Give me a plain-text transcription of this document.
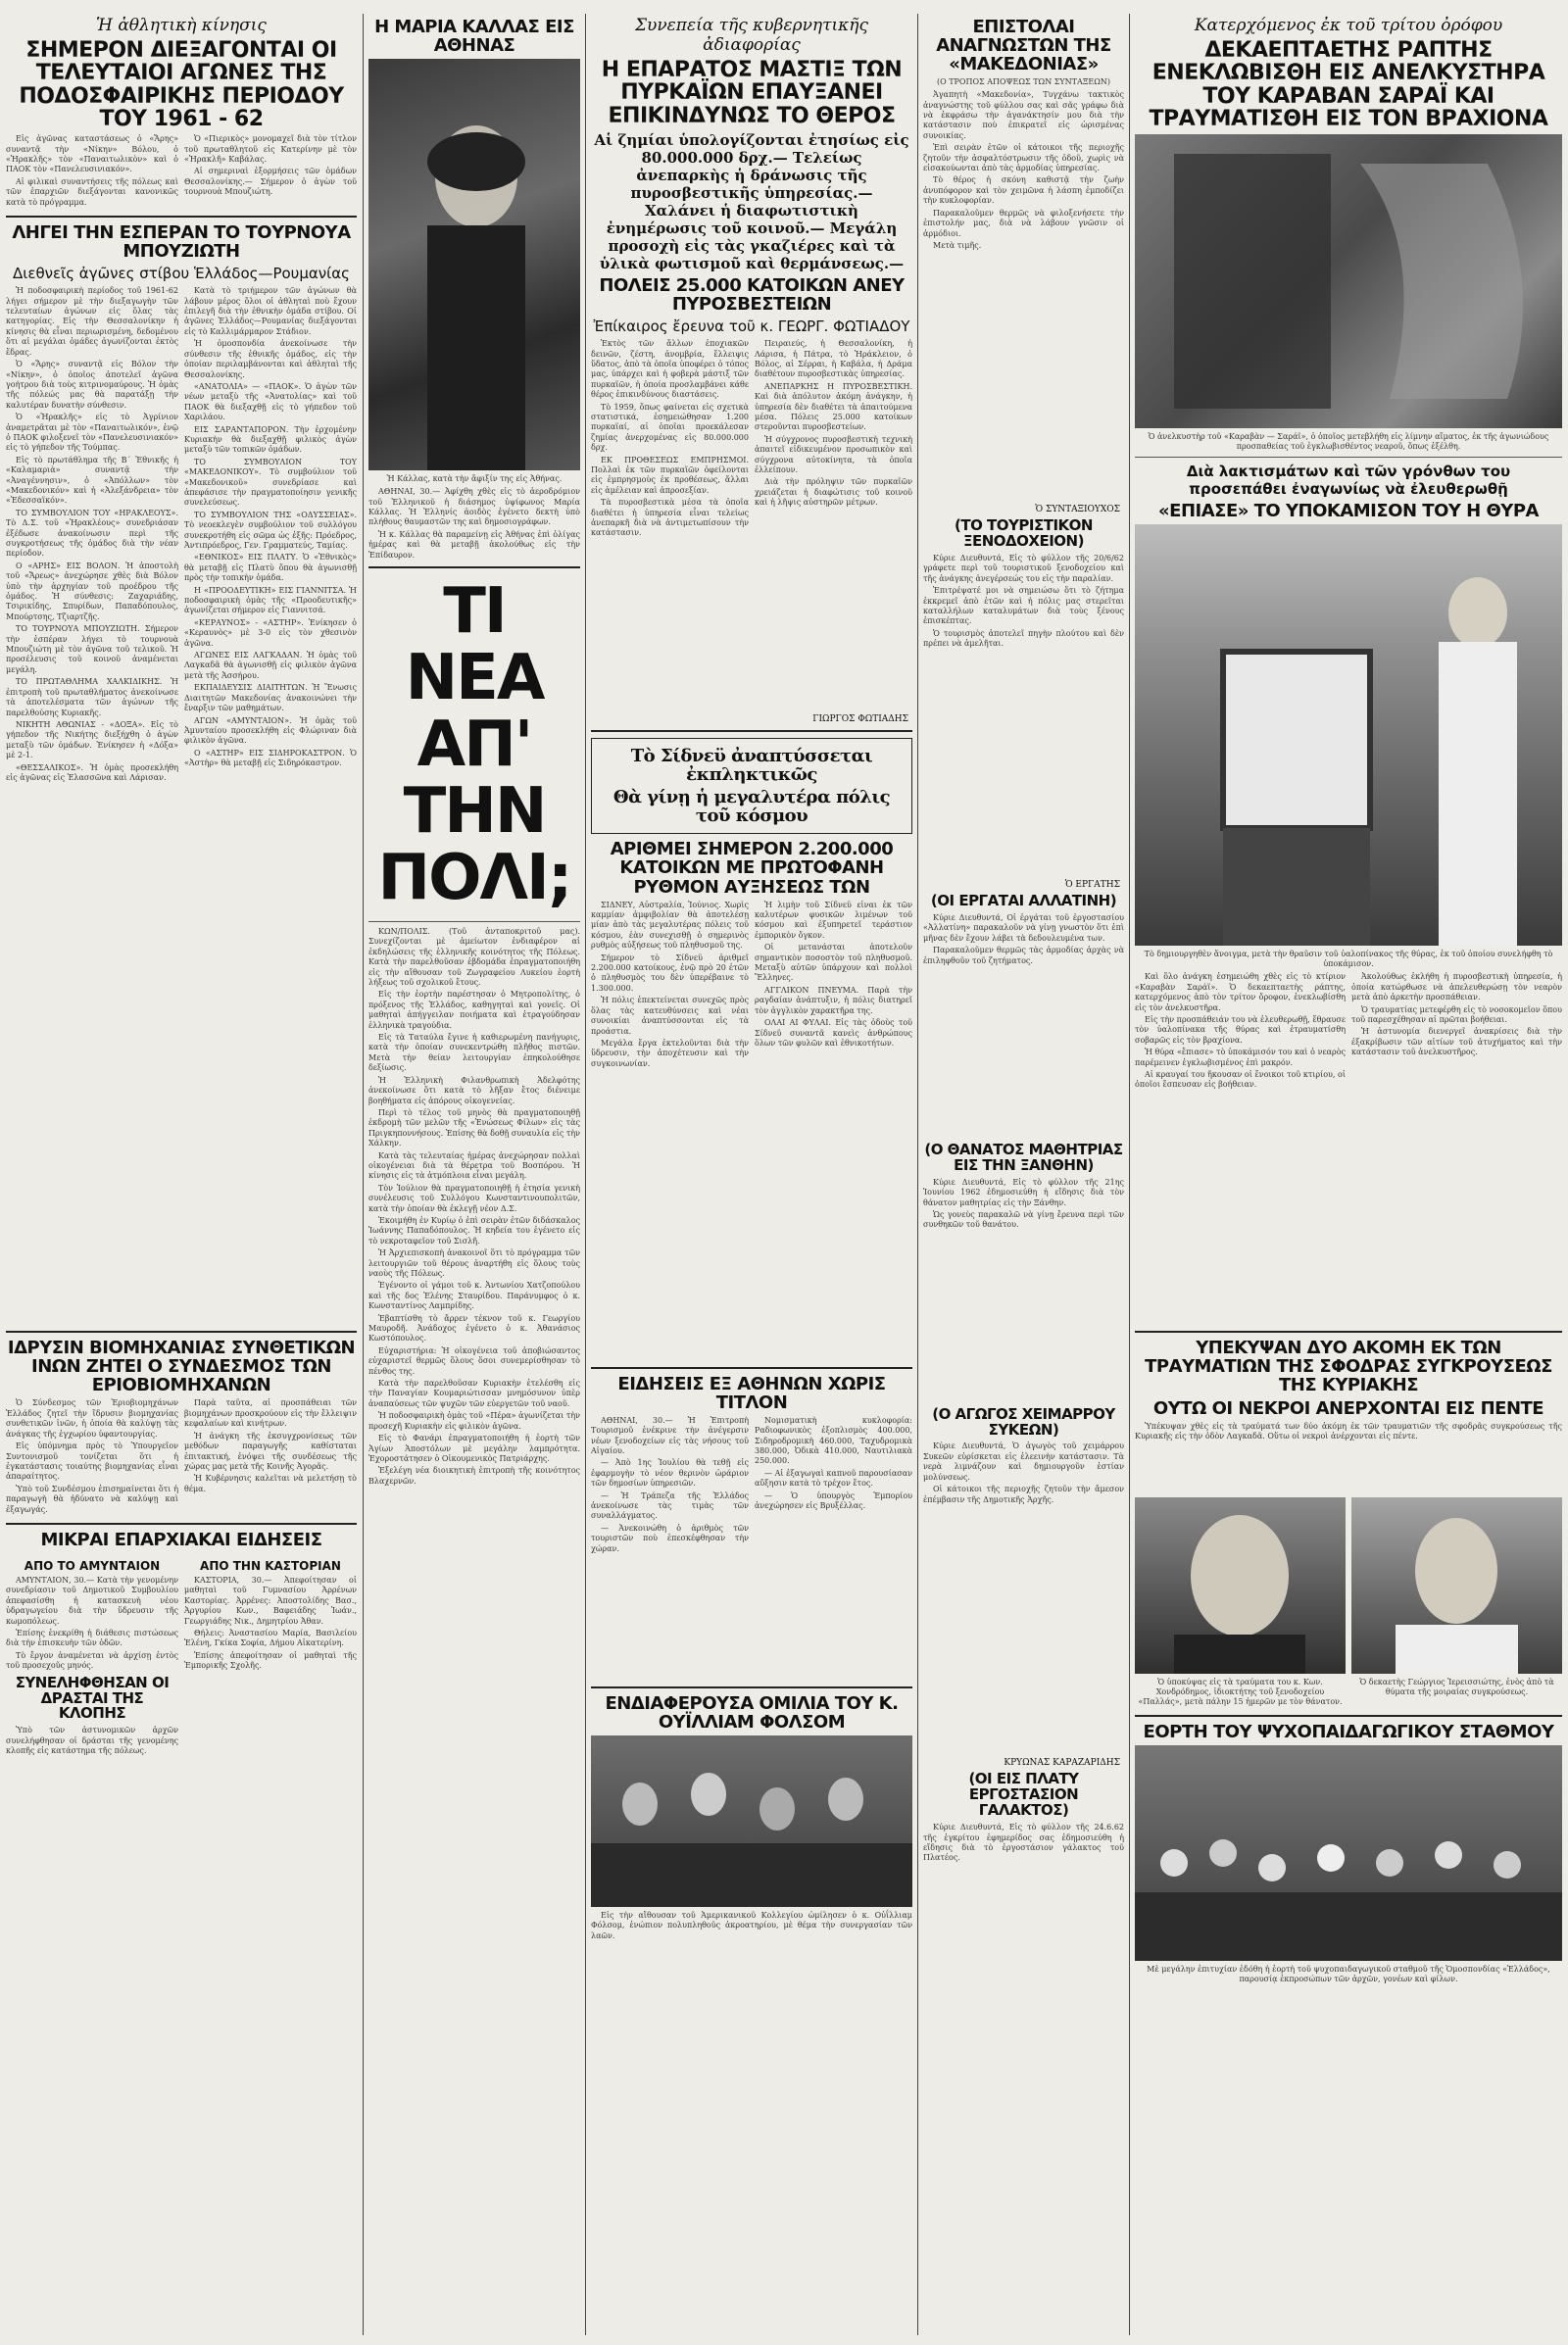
Ἡ ἀθλητικὴ κίνησις
ΣΗΜΕΡΟΝ ΔΙΕΞΑΓΟΝΤΑΙ ΟΙ ΤΕΛΕΥΤΑΙΟΙ ΑΓΩΝΕΣ ΤΗΣ ΠΟΔΟΣΦΑΙΡΙΚΗΣ ΠΕΡΙΟΔΟΥ ΤΟΥ 1961 - 62

Εἰς ἀγῶνας καταστάσεως ὁ «Ἄρης» συναντᾷ τὴν «Νίκην» Βόλου, ὁ «Ἡρακλῆς» τὸν «Παναιτωλικὸν» καὶ ὁ ΠΑΟΚ τὸν «Πανελευσινιακόν».

Αἱ φιλικαὶ συναντήσεις τῆς πόλεως καὶ τῶν ἐπαρχιῶν διεξάγονται κανονικῶς κατὰ τὸ πρόγραμμα.

Ὁ «Πιερικὸς» μονομαχεῖ διὰ τὸν τίτλον τοῦ πρωταθλητοῦ εἰς Κατερίνην μὲ τὸν «Ἡρακλῆ» Καβάλας.

Αἱ σημεριναὶ ἐξορμήσεις τῶν ὁμάδων Θεσσαλονίκης.— Σήμερον ὁ ἀγὼν τοῦ τουρνουὰ Μπουζιώτη.

ΛΗΓΕΙ ΤΗΝ ΕΣΠΕΡΑΝ ΤΟ ΤΟΥΡΝΟΥΑ ΜΠΟΥΖΙΩΤΗ
Διεθνεῖς ἀγῶνες στίβου Ἑλλάδος—Ρουμανίας

Ἡ ποδοσφαιρικὴ περίοδος τοῦ 1961-62 λήγει σήμερον μὲ τὴν διεξαγωγὴν τῶν τελευταίων ἀγώνων εἰς ὅλας τὰς κατηγορίας. Εἰς τὴν Θεσσαλονίκην ἡ κίνησις θὰ εἶναι περιωρισμένη, δεδομένου ὅτι αἱ μεγάλαι ὁμάδες ἀγωνίζονται ἐκτὸς ἕδρας.

Ὁ «Ἄρης» συναντᾷ εἰς Βόλον τὴν «Νίκην», ὁ ὁποῖος ἀποτελεῖ ἀγῶνα γοήτρου διὰ τοὺς κιτρινομαύρους. Ἡ ὁμὰς τῆς πόλεώς μας θὰ παρατάξῃ τὴν καλυτέραν δυνατὴν σύνθεσιν.

Ὁ «Ἡρακλῆς» εἰς τὸ Ἀγρίνιον ἀναμετρᾶται μὲ τὸν «Παναιτωλικόν», ἐνῷ ὁ ΠΑΟΚ φιλοξενεῖ τὸν «Πανελευσινιακόν» εἰς τὸ γήπεδον τῆς Τούμπας.

Εἰς τὸ πρωτάθλημα τῆς Β΄ Ἐθνικῆς ἡ «Καλαμαριὰ» συναντᾷ τὴν «Ἀναγέννησιν», ὁ «Ἀπόλλων» τὸν «Μακεδονικόν» καὶ ἡ «Ἀλεξάνδρεια» τὸν «Ἐδεσσαϊκόν».

ΤΟ ΣΥΜΒΟΥΛΙΟΝ ΤΟΥ «ΗΡΑΚΛΕΟΥΣ». Τὸ Δ.Σ. τοῦ «Ἡρακλέους» συνεδριάσαν ἐξέδωσε ἀνακοίνωσιν περὶ τῆς συγκροτήσεως τῆς ὁμάδος διὰ τὴν νέαν περίοδον.

Ο «ΑΡΗΣ» ΕΙΣ ΒΟΛΟΝ. Ἡ ἀποστολὴ τοῦ «Ἄρεως» ἀνεχώρησε χθὲς διὰ Βόλον ὑπὸ τὴν ἀρχηγίαν τοῦ προέδρου τῆς ὁμάδος. Ἡ σύνθεσις: Ζαχαριάδης, Τσιρικίδης, Σπυρίδων, Παπαδόπουλος, Μπούρτσης, Τζιαρτζῆς.

ΤΟ ΤΟΥΡΝΟΥΑ ΜΠΟΥΖΙΩΤΗ. Σήμερον τὴν ἑσπέραν λήγει τὸ τουρνουὰ Μπουζιώτη μὲ τὸν ἀγῶνα τοῦ τελικοῦ. Ἡ προσέλευσις τοῦ κοινοῦ ἀναμένεται μεγάλη.

ΤΟ ΠΡΩΤΑΘΛΗΜΑ ΧΑΛΚΙΔΙΚΗΣ. Ἡ ἐπιτροπὴ τοῦ πρωταθλήματος ἀνεκοίνωσε τὰ ἀποτελέσματα τῶν ἀγώνων τῆς παρελθούσης Κυριακῆς.

ΝΙΚΗΤΗ ΑΘΩΝΙΑΣ - «ΔΟΞΑ». Εἰς τὸ γήπεδον τῆς Νικήτης διεξήχθη ὁ ἀγὼν μεταξὺ τῶν ὁμάδων. Ἐνίκησεν ἡ «Δόξα» μὲ 2-1.

«ΘΕΣΣΑΛΙΚΟΣ». Ἡ ὁμὰς προσεκλήθη εἰς ἀγῶνας εἰς Ἐλασσῶνα καὶ Λάρισαν.

Κατὰ τὸ τριήμερον τῶν ἀγώνων θὰ λάβουν μέρος ὅλοι οἱ ἀθληταὶ ποὺ ἔχουν ἐπιλεγῆ διὰ τὴν ἐθνικὴν ὁμάδα στίβου. Οἱ ἀγῶνες Ἑλλάδος—Ρουμανίας διεξάγονται εἰς τὸ Καλλιμάρμαρον Στάδιον.

Ἡ ὁμοσπονδία ἀνεκοίνωσε τὴν σύνθεσιν τῆς ἐθνικῆς ὁμάδος, εἰς τὴν ὁποίαν περιλαμβάνονται καὶ ἀθληταὶ τῆς Θεσσαλονίκης.

«ΑΝΑΤΟΛΙΑ» — «ΠΑΟΚ». Ὁ ἀγὼν τῶν νέων μεταξὺ τῆς «Ἀνατολίας» καὶ τοῦ ΠΑΟΚ θὰ διεξαχθῇ εἰς τὸ γήπεδον τοῦ Χαριλάου.

ΕΙΣ ΣΑΡΑΝΤΑΠΟΡΟΝ. Τὴν ἐρχομένην Κυριακὴν θὰ διεξαχθῇ φιλικὸς ἀγὼν μεταξὺ τῶν τοπικῶν ὁμάδων.

ΤΟ ΣΥΜΒΟΥΛΙΟΝ ΤΟΥ «ΜΑΚΕΔΟΝΙΚΟΥ». Τὸ συμβούλιον τοῦ «Μακεδονικοῦ» συνεδρίασε καὶ ἀπεφάσισε τὴν πραγματοποίησιν γενικῆς συνελεύσεως.

ΤΟ ΣΥΜΒΟΥΛΙΟΝ ΤΗΣ «ΟΔΥΣΣΕΙΑΣ». Τὸ νεοεκλεγὲν συμβούλιον τοῦ συλλόγου συνεκροτήθη εἰς σῶμα ὡς ἑξῆς: Πρόεδρος, Ἀντιπρόεδρος, Γεν. Γραμματεύς, Ταμίας.

«ΕΘΝΙΚΟΣ» ΕΙΣ ΠΛΑΤΥ. Ὁ «Ἐθνικὸς» θὰ μεταβῇ εἰς Πλατὺ ὅπου θὰ ἀγωνισθῇ πρὸς τὴν τοπικὴν ὁμάδα.

Η «ΠΡΟΟΔΕΥΤΙΚΗ» ΕΙΣ ΓΙΑΝΝΙΤΣΑ. Ἡ ποδοσφαιρικὴ ὁμὰς τῆς «Προοδευτικῆς» ἀγωνίζεται σήμερον εἰς Γιαννιτσά.

«ΚΕΡΑΥΝΟΣ» - «ΑΣΤΗΡ». Ἐνίκησεν ὁ «Κεραυνὸς» μὲ 3-0 εἰς τὸν χθεσινὸν ἀγῶνα.

ΑΓΩΝΕΣ ΕΙΣ ΛΑΓΚΑΔΑΝ. Ἡ ὁμὰς τοῦ Λαγκαδᾶ θὰ ἀγωνισθῇ εἰς φιλικὸν ἀγῶνα μετὰ τῆς Ἀσσήρου.

ΕΚΠΑΙΔΕΥΣΙΣ ΔΙΑΙΤΗΤΩΝ. Ἡ Ἕνωσις Διαιτητῶν Μακεδονίας ἀνακοινώνει τὴν ἔναρξιν τῶν μαθημάτων.

ΑΓΩΝ «ΑΜΥΝΤΑΙΟΝ». Ἡ ὁμὰς τοῦ Ἀμυνταίου προσεκλήθη εἰς Φλώριναν διὰ φιλικὸν ἀγῶνα.

Ο «ΑΣΤΗΡ» ΕΙΣ ΣΙΔΗΡΟΚΑΣΤΡΟΝ. Ὁ «Ἀστὴρ» θὰ μεταβῇ εἰς Σιδηρόκαστρον.

ΙΔΡΥΣΙΝ ΒΙΟΜΗΧΑΝΙΑΣ ΣΥΝΘΕΤΙΚΩΝ ΙΝΩΝ ΖΗΤΕΙ Ο ΣΥΝΔΕΣΜΟΣ ΤΩΝ ΕΡΙΟΒΙΟΜΗΧΑΝΩΝ

Ὁ Σύνδεσμος τῶν Ἐριοβιομηχάνων Ἑλλάδος ζητεῖ τὴν ἵδρυσιν βιομηχανίας συνθετικῶν ἰνῶν, ἡ ὁποία θὰ καλύψῃ τὰς ἀνάγκας τῆς ἐγχωρίου ὑφαντουργίας.

Εἰς ὑπόμνημα πρὸς τὸ Ὑπουργεῖον Συντονισμοῦ τονίζεται ὅτι ἡ ἐγκατάστασις τοιαύτης βιομηχανίας εἶναι ἀπαραίτητος.

Ὑπὸ τοῦ Συνδέσμου ἐπισημαίνεται ὅτι ἡ παραγωγὴ θὰ ἠδύνατο νὰ καλύψῃ καὶ ἐξαγωγάς.

Παρὰ ταῦτα, αἱ προσπάθειαι τῶν βιομηχάνων προσκρούουν εἰς τὴν ἔλλειψιν κεφαλαίων καὶ κινήτρων.

Ἡ ἀνάγκη τῆς ἐκσυγχρονίσεως τῶν μεθόδων παραγωγῆς καθίσταται ἐπιτακτική, ἐνόψει τῆς συνδέσεως τῆς χώρας μας μετὰ τῆς Κοινῆς Ἀγορᾶς.

Ἡ Κυβέρνησις καλεῖται νὰ μελετήσῃ τὸ θέμα.

ΜΙΚΡΑΙ ΕΠΑΡΧΙΑΚΑΙ ΕΙΔΗΣΕΙΣ
ΑΠΟ ΤΟ ΑΜΥΝΤΑΙΟΝ

ΑΜΥΝΤΑΙΟΝ, 30.— Κατὰ τὴν γενομένην συνεδρίασιν τοῦ Δημοτικοῦ Συμβουλίου ἀπεφασίσθη ἡ κατασκευὴ νέου ὑδραγωγείου διὰ τὴν ὕδρευσιν τῆς κωμοπόλεως.

Ἐπίσης ἐνεκρίθη ἡ διάθεσις πιστώσεως διὰ τὴν ἐπισκευὴν τῶν ὁδῶν.

Τὸ ἔργον ἀναμένεται νὰ ἀρχίσῃ ἐντὸς τοῦ προσεχοῦς μηνός.

ΣΥΝΕΛΗΦΘΗΣΑΝ ΟΙ ΔΡΑΣΤΑΙ ΤΗΣ ΚΛΟΠΗΣ

Ὑπὸ τῶν ἀστυνομικῶν ἀρχῶν συνελήφθησαν οἱ δράσται τῆς γενομένης κλοπῆς εἰς κατάστημα τῆς πόλεως.

ΑΠΟ ΤΗΝ ΚΑΣΤΟΡΙΑΝ

ΚΑΣΤΟΡΙΑ, 30.— Ἀπεφοίτησαν οἱ μαθηταὶ τοῦ Γυμνασίου Ἀρρένων Καστορίας. Ἀρρένες: Ἀποστολίδης Βασ., Ἀργυρίου Κων., Βαφειάδης Ἰωάν., Γεωργιάδης Νικ., Δημητρίου Ἀθαν.

Θήλεις: Ἀναστασίου Μαρία, Βασιλείου Ἑλένη, Γκίκα Σοφία, Δήμου Αἰκατερίνη.

Ἐπίσης ἀπεφοίτησαν οἱ μαθηταὶ τῆς Ἐμπορικῆς Σχολῆς.

Η ΜΑΡΙΑ ΚΑΛΛΑΣ ΕΙΣ ΑΘΗΝΑΣ
Ἡ Κάλλας, κατὰ τὴν ἄφιξίν της εἰς Ἀθήνας.

ΑΘΗΝΑΙ, 30.— Ἀφίχθη χθὲς εἰς τὸ ἀεροδρόμιον τοῦ Ἑλληνικοῦ ἡ διάσημος ὑψίφωνος Μαρία Κάλλας. Ἡ Ἑλληνίς ἀοιδὸς ἐγένετο δεκτὴ ὑπὸ πλήθους θαυμαστῶν της καὶ δημοσιογράφων.

Ἡ κ. Κάλλας θὰ παραμείνῃ εἰς Ἀθήνας ἐπὶ ὀλίγας ἡμέρας καὶ θὰ μεταβῇ ἀκολούθως εἰς τὴν Ἐπίδαυρον.

ΤΙ ΝΕΑ ΑΠ' ΤΗΝ ΠΟΛΙ;

ΚΩΝ/ΠΟΛΙΣ. (Τοῦ ἀνταποκριτοῦ μας). Συνεχίζονται μὲ ἀμείωτον ἐνδιαφέρον αἱ ἐκδηλώσεις τῆς ἑλληνικῆς κοινότητος τῆς Πόλεως. Κατὰ τὴν παρελθοῦσαν ἑβδομάδα ἐπραγματοποιήθη εἰς τὴν αἴθουσαν τοῦ Ζωγραφείου Λυκείου ἑορτὴ λήξεως τοῦ σχολικοῦ ἔτους.

Εἰς τὴν ἑορτὴν παρέστησαν ὁ Μητροπολίτης, ὁ πρόξενος τῆς Ἑλλάδος, καθηγηταὶ καὶ γονεῖς. Οἱ μαθηταὶ ἀπήγγειλαν ποιήματα καὶ ἐτραγούδησαν ἑλληνικὰ τραγούδια.

Εἰς τὰ Ταταύλα ἔγινε ἡ καθιερωμένη πανήγυρις, κατὰ τὴν ὁποίαν συνεκεντρώθη πλῆθος πιστῶν. Μετὰ τὴν θείαν λειτουργίαν ἐπηκολούθησε δεξίωσις.

Ἡ Ἑλληνικὴ Φιλανθρωπικὴ Ἀδελφότης ἀνεκοίνωσε ὅτι κατὰ τὸ λῆξαν ἔτος διένειμε βοηθήματα εἰς ἀπόρους οἰκογενείας.

Περὶ τὸ τέλος τοῦ μηνὸς θὰ πραγματοποιηθῇ ἐκδρομὴ τῶν μελῶν τῆς «Ἑνώσεως Φίλων» εἰς τὰς Πριγκηποννήσους. Ἐπίσης θὰ δοθῇ συναυλία εἰς τὴν Χάλκην.

Κατὰ τὰς τελευταίας ἡμέρας ἀνεχώρησαν πολλαὶ οἰκογένειαι διὰ τὰ θέρετρα τοῦ Βοσπόρου. Ἡ κίνησις εἰς τὰ ἀτμόπλοια εἶναι μεγάλη.

Τὸν Ἰούλιον θὰ πραγματοποιηθῇ ἡ ἐτησία γενικὴ συνέλευσις τοῦ Συλλόγου Κωνσταντινουπολιτῶν, κατὰ τὴν ὁποίαν θὰ ἐκλεγῇ νέον Δ.Σ.

Ἐκοιμήθη ἐν Κυρίῳ ὁ ἐπὶ σειρὰν ἐτῶν διδάσκαλος Ἰωάννης Παπαδόπουλος. Ἡ κηδεία του ἐγένετο εἰς τὸ νεκροταφεῖον τοῦ Σισλῆ.

Ἡ Ἀρχιεπισκοπὴ ἀνακοινοῖ ὅτι τὸ πρόγραμμα τῶν λειτουργιῶν τοῦ θέρους ἀναρτήθη εἰς ὅλους τοὺς ναοὺς τῆς Πόλεως.

Ἐγένοντο οἱ γάμοι τοῦ κ. Ἀντωνίου Χατζοπούλου καὶ τῆς δος Ἑλένης Σταυρίδου. Παράνυμφος ὁ κ. Κωνσταντίνος Λαμπρίδης.

Ἐβαπτίσθη τὸ ἄρρεν τέκνον τοῦ κ. Γεωργίου Μαυροδῆ. Ἀνάδοχος ἐγένετο ὁ κ. Ἀθανάσιος Κωστόπουλος.

Εὐχαριστήρια: Ἡ οἰκογένεια τοῦ ἀποβιώσαντος εὐχαριστεῖ θερμῶς ὅλους ὅσοι συνεμερίσθησαν τὸ πένθος της.

Κατὰ τὴν παρελθοῦσαν Κυριακὴν ἐτελέσθη εἰς τὴν Παναγίαν Κουμαριώτισσαν μνημόσυνον ὑπὲρ ἀναπαύσεως τῶν ψυχῶν τῶν εὐεργετῶν τοῦ ναοῦ.

Ἡ ποδοσφαιρικὴ ὁμὰς τοῦ «Πέρα» ἀγωνίζεται τὴν προσεχῆ Κυριακὴν εἰς φιλικὸν ἀγῶνα.

Εἰς τὸ Φανάρι ἐπραγματοποιήθη ἡ ἑορτὴ τῶν Ἁγίων Ἀποστόλων μὲ μεγάλην λαμπρότητα. Ἐχοροστάτησεν ὁ Οἰκουμενικὸς Πατριάρχης.

Ἐξελέγη νέα διοικητικὴ ἐπιτροπὴ τῆς κοινότητος Βλαχερνῶν.

Συνεπεία τῆς κυβερνητικῆς ἀδιαφορίας
Η ΕΠΑΡΑΤΟΣ ΜΑΣΤΙΞ ΤΩΝ ΠΥΡΚΑΪΩΝ ΕΠΑΥΞΑΝΕΙ ΕΠΙΚΙΝΔΥΝΩΣ ΤΟ ΘΕΡΟΣ
Αἱ ζημίαι ὑπολογίζονται ἐτησίως εἰς 80.000.000 δρχ.— Τελείως ἀνεπαρκὴς ἡ δράνωσις τῆς πυροσβεστικῆς ὑπηρεσίας.— Χαλάνει ἡ διαφωτιστικὴ ἐνημέρωσις τοῦ κοινοῦ.— Μεγάλη προσοχὴ εἰς τὰς γκαζιέρες καὶ τὰ ὑλικὰ φωτισμοῦ καὶ θερμάνσεως.—
ΠΟΛΕΙΣ 25.000 ΚΑΤΟΙΚΩΝ ΑΝΕΥ ΠΥΡΟΣΒΕΣΤΕΙΩΝ
Ἐπίκαιρος ἔρευνα τοῦ κ. ΓΕΩΡΓ. ΦΩΤΙΑΔΟΥ

Ἐκτὸς τῶν ἄλλων ἐποχιακῶν δεινῶν, ζέστη, ἀνομβρία, ἔλλειψις ὕδατος, ἀπὸ τὰ ὁποῖα ὑποφέρει ὁ τόπος μας, ὑπάρχει καὶ ἡ φοβερὰ μάστιξ τῶν πυρκαϊῶν, ἡ ὁποία προσλαμβάνει κάθε θέρος ἐπικινδύνους διαστάσεις.

Τὸ 1959, ὅπως φαίνεται εἰς σχετικὰ στατιστικά, ἐσημειώθησαν 1.200 πυρκαϊαί, αἱ ὁποῖαι προεκάλεσαν ζημίας ἀνερχομένας εἰς 80.000.000 δρχ.

ΕΚ ΠΡΟΘΕΣΕΩΣ ΕΜΠΡΗΣΜΟΙ. Πολλαὶ ἐκ τῶν πυρκαϊῶν ὀφείλονται εἰς ἐμπρησμοὺς ἐκ προθέσεως, ἄλλαι εἰς ἀμέλειαν καὶ ἀπροσεξίαν.

Τὰ πυροσβεστικὰ μέσα τὰ ὁποῖα διαθέτει ἡ ὑπηρεσία εἶναι τελείως ἀνεπαρκῆ διὰ νὰ ἀντιμετωπίσουν τὴν κατάστασιν.

Πειραιεύς, ἡ Θεσσαλονίκη, ἡ Λάρισα, ἡ Πάτρα, τὸ Ἡράκλειον, ὁ Βόλος, αἱ Σέρραι, ἡ Καβάλα, ἡ Δράμα διαθέτουν πυροσβεστικὰς ὑπηρεσίας.

ΑΝΕΠΑΡΚΗΣ Η ΠΥΡΟΣΒΕΣΤΙΚΗ. Καὶ διὰ ἀπόλυτον ἀκόμη ἀνάγκην, ἡ ὑπηρεσία δὲν διαθέτει τὰ ἀπαιτούμενα μέσα. Πόλεις 25.000 κατοίκων στεροῦνται πυροσβεστείων.

Ἡ σύγχρονος πυροσβεστικὴ τεχνικὴ ἀπαιτεῖ εἰδικευμένον προσωπικὸν καὶ σύγχρονα αὐτοκίνητα, τὰ ὁποῖα ἐλλείπουν.

Διὰ τὴν πρόληψιν τῶν πυρκαϊῶν χρειάζεται ἡ διαφώτισις τοῦ κοινοῦ καὶ ἡ λῆψις αὐστηρῶν μέτρων.

ΓΙΩΡΓΟΣ ΦΩΤΙΑΔΗΣ
Τὸ Σίδνεϋ ἀναπτύσσεται ἐκπληκτικῶς
Θὰ γίνῃ ἡ μεγαλυτέρα πόλις τοῦ κόσμου
ΑΡΙΘΜΕΙ ΣΗΜΕΡΟΝ 2.200.000 ΚΑΤΟΙΚΩΝ ΜΕ ΠΡΩΤΟΦΑΝΗ ΡΥΘΜΟΝ ΑΥΞΗΣΕΩΣ ΤΩΝ

ΣΙΔΝΕΥ, Αὐστραλία, Ἰούνιος. Χωρὶς καμμίαν ἀμφιβολίαν θὰ ἀποτελέσῃ μίαν ἀπὸ τὰς μεγαλυτέρας πόλεις τοῦ κόσμου, ἐὰν συνεχισθῇ ὁ σημερινὸς ρυθμὸς αὐξήσεως τοῦ πληθυσμοῦ της.

Σήμερον τὸ Σίδνεϋ ἀριθμεῖ 2.200.000 κατοίκους, ἐνῷ πρὸ 20 ἐτῶν ὁ πληθυσμὸς του δὲν ὑπερέβαινε τὸ 1.300.000.

Ἡ πόλις ἐπεκτείνεται συνεχῶς πρὸς ὅλας τὰς κατευθύνσεις καὶ νέαι συνοικίαι ἀναπτύσσονται εἰς τὰ προάστια.

Μεγάλα ἔργα ἐκτελοῦνται διὰ τὴν ὕδρευσιν, τὴν ἀποχέτευσιν καὶ τὴν συγκοινωνίαν.

Ἡ λιμὴν τοῦ Σίδνεϋ εἶναι ἐκ τῶν καλυτέρων φυσικῶν λιμένων τοῦ κόσμου καὶ ἐξυπηρετεῖ τεράστιον ἐμπορικὸν ὄγκον.

Οἱ μετανάσται ἀποτελοῦν σημαντικὸν ποσοστὸν τοῦ πληθυσμοῦ. Μεταξὺ αὐτῶν ὑπάρχουν καὶ πολλοὶ Ἕλληνες.

ΑΓΓΛΙΚΟΝ ΠΝΕΥΜΑ. Παρὰ τὴν ραγδαίαν ἀνάπτυξιν, ἡ πόλις διατηρεῖ τὸν ἀγγλικὸν χαρακτῆρα της.

ΟΛΑΙ ΑΙ ΦΥΛΑΙ. Εἰς τὰς ὁδοὺς τοῦ Σίδνεϋ συναντᾶ κανεὶς ἀνθρώπους ὅλων τῶν φυλῶν καὶ ἐθνικοτήτων.

ΕΙΔΗΣΕΙΣ ΕΞ ΑΘΗΝΩΝ ΧΩΡΙΣ ΤΙΤΛΟΝ

ΑΘΗΝΑΙ, 30.— Ἡ Ἐπιτροπὴ Τουρισμοῦ ἐνέκρινε τὴν ἀνέγερσιν νέων ξενοδοχείων εἰς τὰς νήσους τοῦ Αἰγαίου.

— Ἀπὸ 1ης Ἰουλίου θὰ τεθῇ εἰς ἐφαρμογὴν τὸ νέον θερινὸν ὡράριον τῶν δημοσίων ὑπηρεσιῶν.

— Ἡ Τράπεζα τῆς Ἑλλάδος ἀνεκοίνωσε τὰς τιμὰς τῶν συναλλάγματος.

— Ἀνεκοινώθη ὁ ἀριθμὸς τῶν τουριστῶν ποὺ ἐπεσκέφθησαν τὴν χώραν.

Νομισματικὴ κυκλοφορία: Ραδιοφωνικὸς ἐξοπλισμὸς 400.000, Σιδηροδρομικὴ 460.000, Ταχυδρομικὰ 380.000, Ὀδικὰ 410.000, Ναυτιλιακὰ 250.000.

— Αἱ ἐξαγωγαὶ καπνοῦ παρουσίασαν αὔξησιν κατὰ τὸ τρέχον ἔτος.

— Ὁ ὑπουργὸς Ἐμπορίου ἀνεχώρησεν εἰς Βρυξέλλας.

ΕΝΔΙΑΦΕΡΟΥΣΑ ΟΜΙΛΙΑ ΤΟΥ Κ. ΟΥΪΛΛΙΑΜ ΦΟΛΣΟΜ

Εἰς τὴν αἴθουσαν τοῦ Ἀμερικανικοῦ Κολλεγίου ὡμίλησεν ὁ κ. Οὐΐλλιαμ Φόλσομ, ἐνώπιον πολυπληθοῦς ἀκροατηρίου, μὲ θέμα τὴν συνεργασίαν τῶν λαῶν.

ΕΠΙΣΤΟΛΑΙ ΑΝΑΓΝΩΣΤΩΝ ΤΗΣ «ΜΑΚΕΔΟΝΙΑΣ»
(Ο ΤΡΟΠΟΣ ΑΠΟΨΕΩΣ ΤΩΝ ΣΥΝΤΑΞΕΩΝ)

Ἀγαπητὴ «Μακεδονία», Τυγχάνω τακτικὸς ἀναγνώστης τοῦ φύλλου σας καὶ σᾶς γράφω διὰ νὰ ἐκφράσω τὴν ἀγανάκτησίν μου διὰ τὴν κατάστασιν ποὺ ἐπικρατεῖ εἰς ὡρισμένας συνοικίας.

Ἐπὶ σειρὰν ἐτῶν οἱ κάτοικοι τῆς περιοχῆς ζητοῦν τὴν ἀσφαλτόστρωσιν τῆς ὁδοῦ, χωρὶς νὰ εἰσακούωνται ἀπὸ τὰς ἁρμοδίας ὑπηρεσίας.

Τὸ θέρος ἡ σκόνη καθιστᾷ τὴν ζωὴν ἀνυπόφορον καὶ τὸν χειμῶνα ἡ λάσπη ἐμποδίζει τὴν κυκλοφορίαν.

Παρακαλοῦμεν θερμῶς νὰ φιλοξενήσετε τὴν ἐπιστολήν μας, διὰ νὰ λάβουν γνῶσιν οἱ ἁρμόδιοι.

Μετὰ τιμῆς.

Ὁ ΣΥΝΤΑΞΙΟΥΧΟΣ
(ΤΟ ΤΟΥΡΙΣΤΙΚΟΝ ΞΕΝΟΔΟΧΕΙΟΝ)

Κύριε Διευθυντά, Εἰς τὸ φύλλον τῆς 20/6/62 γράφετε περὶ τοῦ τουριστικοῦ ξενοδοχείου καὶ τῆς ἀνάγκης ἀνεγέρσεώς του εἰς τὴν παραλίαν.

Ἐπιτρέψατέ μοι νὰ σημειώσω ὅτι τὸ ζήτημα ἐκκρεμεῖ ἀπὸ ἐτῶν καὶ ἡ πόλις μας στερεῖται καταλλήλων καταλυμάτων διὰ τοὺς ξένους ἐπισκέπτας.

Ὁ τουρισμὸς ἀποτελεῖ πηγὴν πλούτου καὶ δὲν πρέπει νὰ ἀμελῆται.

Ὁ ΕΡΓΑΤΗΣ
(ΟΙ ΕΡΓΑΤΑΙ ΑΛΛΑΤΙΝΗ)

Κύριε Διευθυντά, Οἱ ἐργάται τοῦ ἐργοστασίου «Ἀλλατίνη» παρακαλοῦν νὰ γίνῃ γνωστὸν ὅτι ἐπὶ μῆνας δὲν ἔχουν λάβει τὰ δεδουλευμένα των.

Παρακαλοῦμεν θερμῶς τὰς ἁρμοδίας ἀρχὰς νὰ ἐπιληφθοῦν τοῦ ζητήματος.

(Ο ΘΑΝΑΤΟΣ ΜΑΘΗΤΡΙΑΣ ΕΙΣ ΤΗΝ ΞΑΝΘΗΝ)

Κύριε Διευθυντά, Εἰς τὸ φύλλον τῆς 21ης Ἰουνίου 1962 ἐδημοσιεύθη ἡ εἴδησις διὰ τὸν θάνατον μαθητρίας εἰς τὴν Ξάνθην.

Ὡς γονεὺς παρακαλῶ νὰ γίνῃ ἔρευνα περὶ τῶν συνθηκῶν τοῦ θανάτου.

(Ο ΑΓΩΓΟΣ ΧΕΙΜΑΡΡΟΥ ΣΥΚΕΩΝ)

Κύριε Διευθυντά, Ὁ ἀγωγὸς τοῦ χειμάρρου Συκεῶν εὑρίσκεται εἰς ἐλεεινὴν κατάστασιν. Τὰ νερὰ λιμνάζουν καὶ δημιουργοῦν ἑστίαν μολύνσεως.

Οἱ κάτοικοι τῆς περιοχῆς ζητοῦν τὴν ἄμεσον ἐπέμβασιν τῆς Δημοτικῆς Ἀρχῆς.

ΚΡΥΩΝΑΣ ΚΑΡΑΖΑΡΙΔΗΣ
(ΟΙ ΕΙΣ ΠΛΑΤΥ ΕΡΓΟΣΤΑΣΙΟΝ ΓΑΛΑΚΤΟΣ)

Κύριε Διευθυντά, Εἰς τὸ φύλλον τῆς 24.6.62 τῆς ἐγκρίτου ἐφημερίδος σας ἐδημοσιεύθη ἡ εἴδησις διὰ τὸ ἐργοστάσιον γάλακτος τοῦ Πλατέος.

Κατερχόμενος ἐκ τοῦ τρίτου ὀρόφου
ΔΕΚΑΕΠΤΑΕΤΗΣ ΡΑΠΤΗΣ ΕΝΕΚΛΩΒΙΣΘΗ ΕΙΣ ΑΝΕΛΚΥΣΤΗΡΑ ΤΟΥ ΚΑΡΑΒΑΝ ΣΑΡΑΪ ΚΑΙ ΤΡΑΥΜΑΤΙΣΘΗ ΕΙΣ ΤΟΝ ΒΡΑΧΙΟΝΑ
Ὁ ἀνελκυστὴρ τοῦ «Καραβὰν — Σαράϊ», ὁ ὁποῖος μετεβλήθη εἰς λίμνην αἵματος, ἐκ τῆς ἀγωνιώδους προσπαθείας τοῦ ἐγκλωβισθέντος νεαροῦ, ὅπως ἐξέλθη.
Διὰ λακτισμάτων καὶ τῶν γρόνθων του προσεπάθει ἐναγωνίως νὰ ἐλευθερωθῇ
«ΕΠΙΑΣΕ» ΤΟ ΥΠΟΚΑΜΙΣΟΝ ΤΟΥ Η ΘΥΡΑ
Τὸ δημιουργηθὲν ἄνοιγμα, μετὰ τὴν θραῦσιν τοῦ ὑαλοπίνακος τῆς θύρας, ἐκ τοῦ ὁποίου συνελήφθη τὸ ὑποκάμισον.

Καὶ ὅλο ἀνάγκη ἐσημειώθη χθὲς εἰς τὸ κτίριον «Καραβὰν Σαράϊ». Ὁ δεκαεπταετὴς ράπτης, κατερχόμενος ἀπὸ τὸν τρίτον ὄροφον, ἐνεκλωβίσθη εἰς τὸν ἀνελκυστῆρα.

Εἰς τὴν προσπάθειάν του νὰ ἐλευθερωθῇ, ἔθραυσε τὸν ὑαλοπίνακα τῆς θύρας καὶ ἐτραυματίσθη σοβαρῶς εἰς τὸν βραχίονα.

Ἡ θύρα «ἔπιασε» τὸ ὑποκάμισόν του καὶ ὁ νεαρὸς παρέμεινεν ἐγκλωβισμένος ἐπὶ μακρόν.

Αἱ κραυγαί του ἤκουσαν οἱ ἔνοικοι τοῦ κτιρίου, οἱ ὁποῖοι ἔσπευσαν εἰς βοήθειαν.

Ἀκολούθως ἐκλήθη ἡ πυροσβεστικὴ ὑπηρεσία, ἡ ὁποία κατώρθωσε νὰ ἀπελευθερώσῃ τὸν νεαρὸν μετὰ ἀπὸ ἀρκετὴν προσπάθειαν.

Ὁ τραυματίας μετεφέρθη εἰς τὸ νοσοκομεῖον ὅπου τοῦ παρεσχέθησαν αἱ πρῶται βοήθειαι.

Ἡ ἀστυνομία διενεργεῖ ἀνακρίσεις διὰ τὴν ἐξακρίβωσιν τῶν αἰτίων τοῦ ἀτυχήματος καὶ τὴν κατάστασιν τοῦ ἀνελκυστῆρος.

ΥΠΕΚΥΨΑΝ ΔΥΟ ΑΚΟΜΗ ΕΚ ΤΩΝ ΤΡΑΥΜΑΤΙΩΝ ΤΗΣ ΣΦΟΔΡΑΣ ΣΥΓΚΡΟΥΣΕΩΣ ΤΗΣ ΚΥΡΙΑΚΗΣ
ΟΥΤΩ ΟΙ ΝΕΚΡΟΙ ΑΝΕΡΧΟΝΤΑΙ ΕΙΣ ΠΕΝΤΕ

Ὑπέκυψαν χθὲς εἰς τὰ τραύματά των δύο ἀκόμη ἐκ τῶν τραυματιῶν τῆς σφοδρᾶς συγκρούσεως τῆς Κυριακῆς εἰς τὴν ὁδὸν Λαγκαδᾶ. Οὕτω οἱ νεκροὶ ἀνέρχονται εἰς πέντε.

Ὁ ὑποκύψας εἰς τὰ τραύματα του κ. Κων. Χονδρόδημος, ἰδιοκτήτης τοῦ ξενοδοχείου «Παλλάς», μετὰ πάλην 15 ἡμερῶν με τὸν θάνατον.
Ὁ δεκαετὴς Γεώργιος Ἱερεισσιώτης, ἐνὸς ἀπὸ τὰ θύματα τῆς μοιραίας συγκρούσεως.
ΕΟΡΤΗ ΤΟΥ ΨΥΧΟΠΑΙΔΑΓΩΓΙΚΟΥ ΣΤΑΘΜΟΥ
Μὲ μεγάλην ἐπιτυχίαν ἐδόθη ἡ ἑορτὴ τοῦ ψυχοπαιδαγωγικοῦ σταθμοῦ τῆς Ὁμοσπονδίας «Ἑλλάδος», παρουσίᾳ ἐκπροσώπων τῶν ἀρχῶν, γονέων καὶ φίλων.
